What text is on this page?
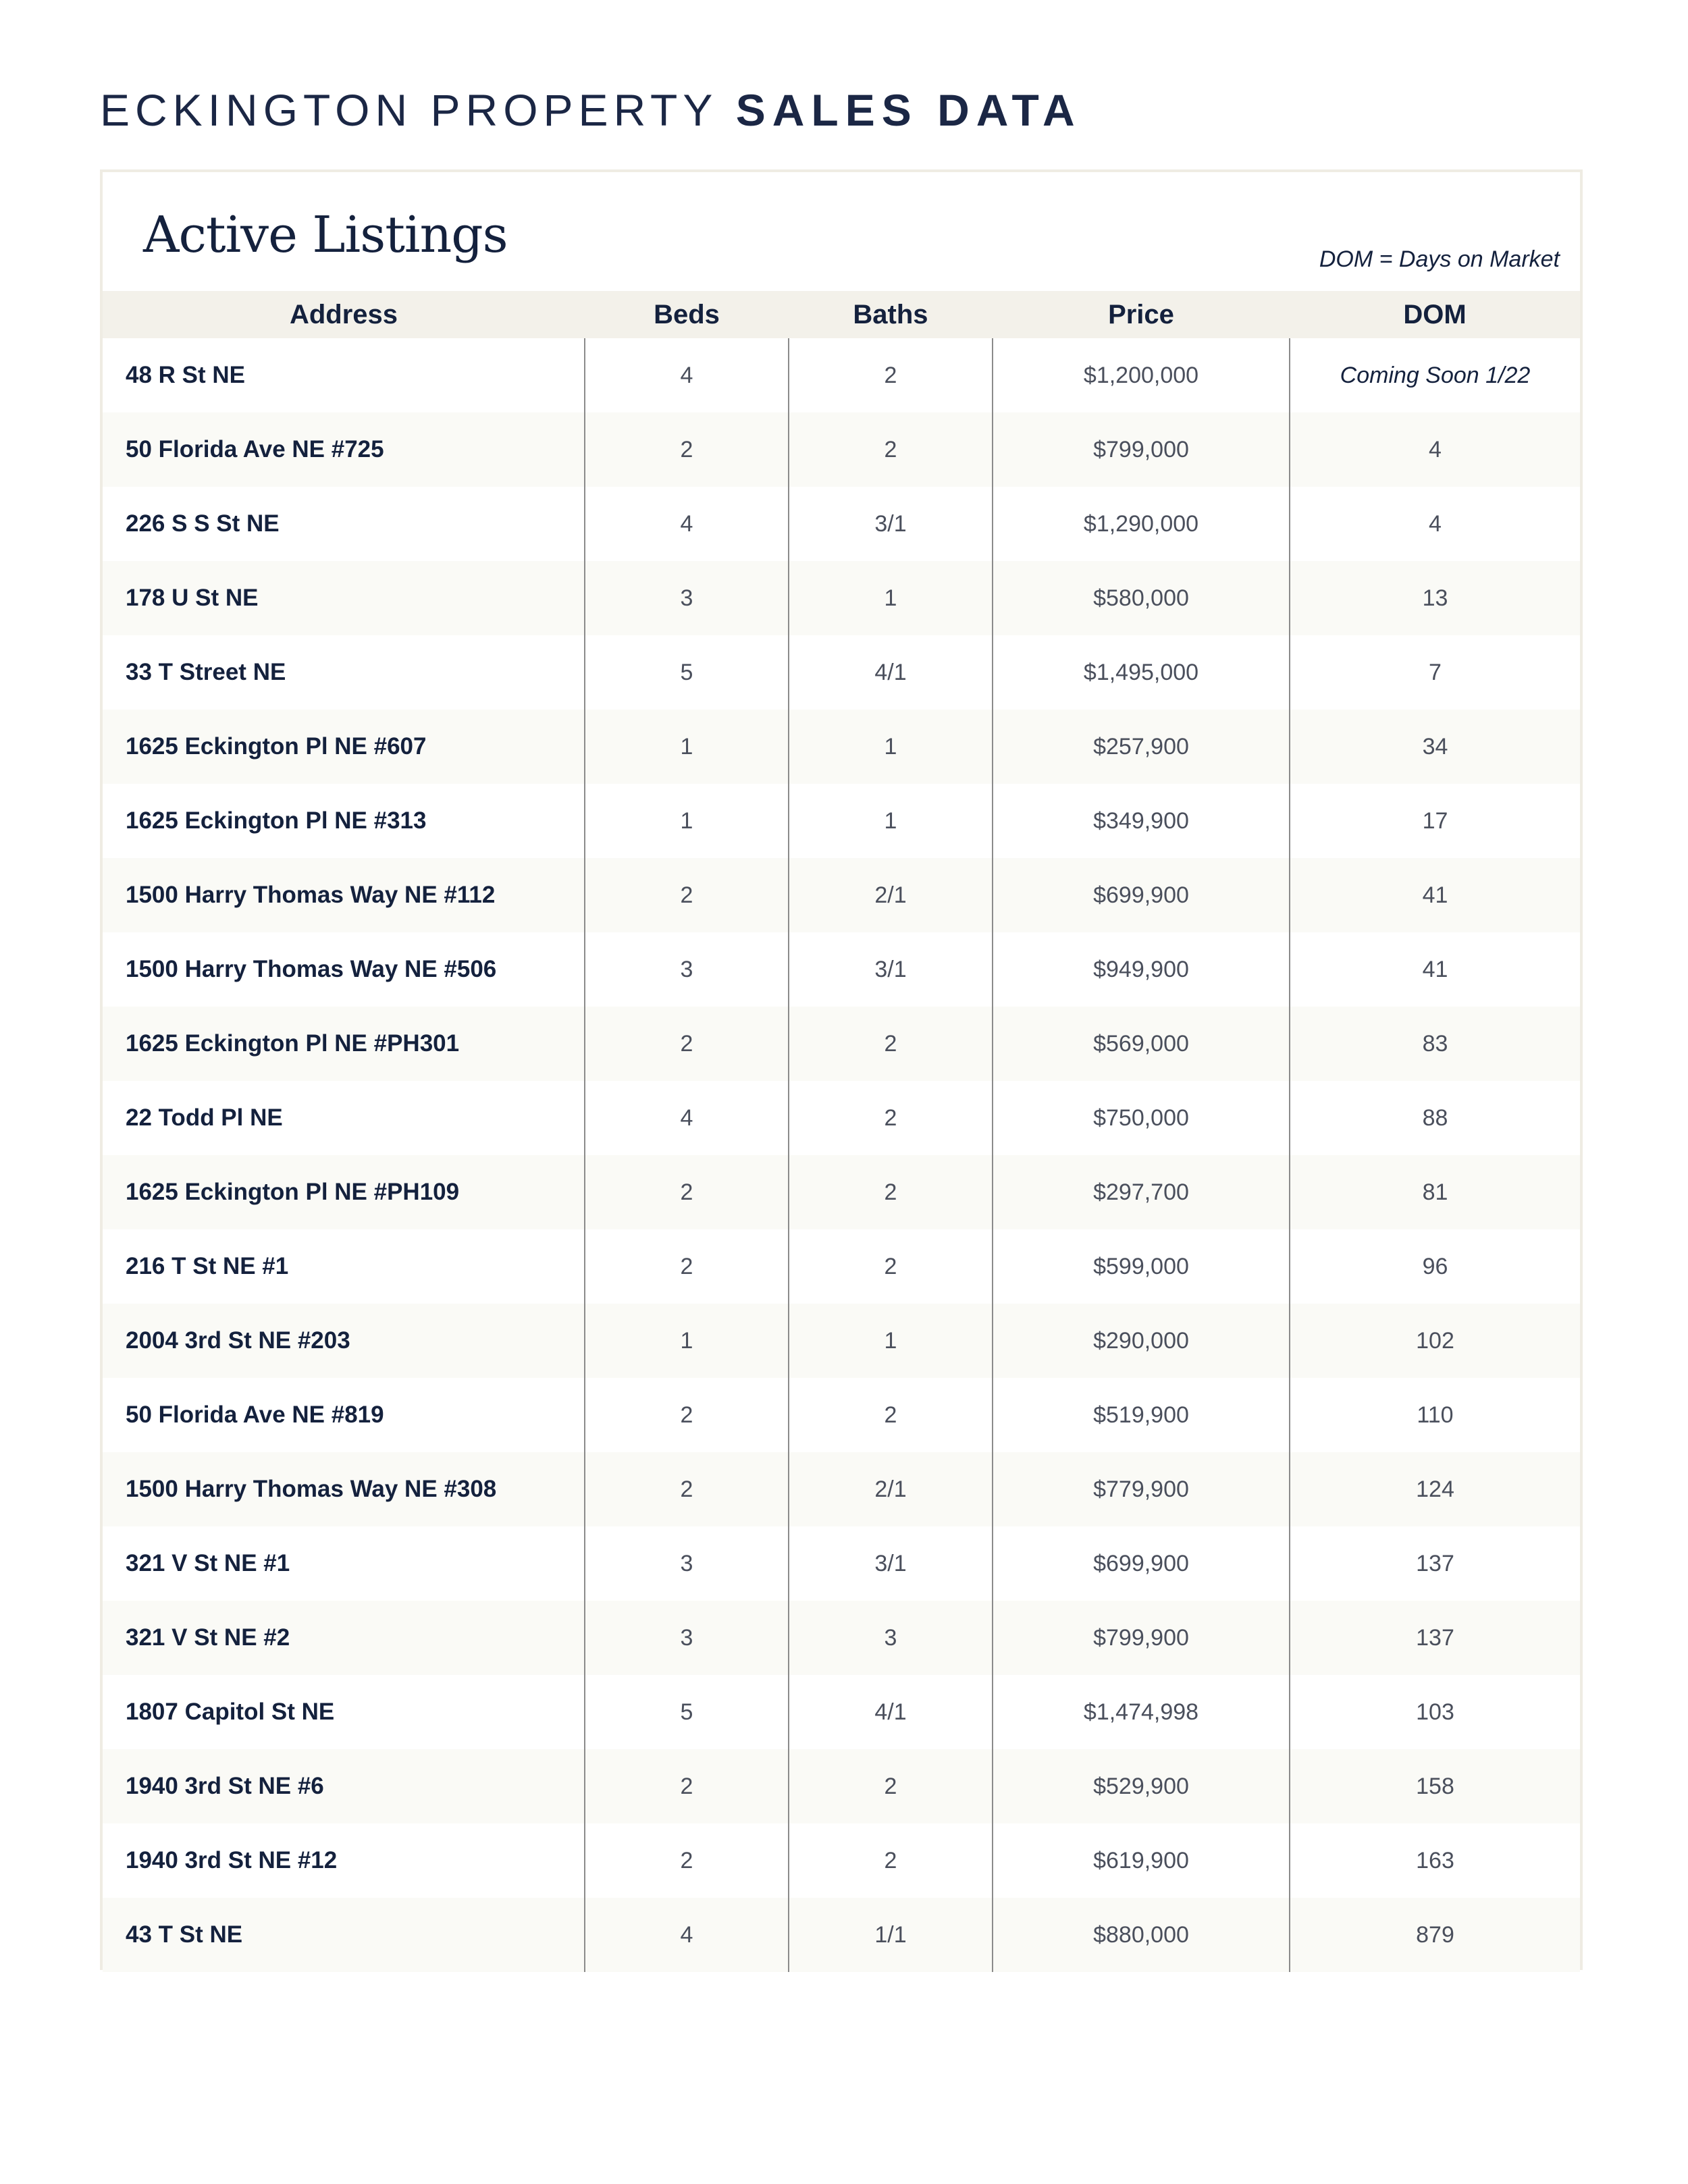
ECKINGTON PROPERTY SALES DATA
Active Listings	DOM = Days on Market
Address	Beds	Baths	Price	DOM
48 R St NE	4	2	$1,200,000	Coming Soon 1/22
50 Florida Ave NE #725	2	2	$799,000	4
226 S S St NE	4	3/1	$1,290,000	4
178 U St NE	3	1	$580,000	13
33 T Street NE	5	4/1	$1,495,000	7
1625 Eckington Pl NE #607	1	1	$257,900	34
1625 Eckington Pl NE #313	1	1	$349,900	17
1500 Harry Thomas Way NE #112	2	2/1	$699,900	41
1500 Harry Thomas Way NE #506	3	3/1	$949,900	41
1625 Eckington Pl NE #PH301	2	2	$569,000	83
22 Todd Pl NE	4	2	$750,000	88
1625 Eckington Pl NE #PH109	2	2	$297,700	81
216 T St NE #1	2	2	$599,000	96
2004 3rd St NE #203	1	1	$290,000	102
50 Florida Ave NE #819	2	2	$519,900	110
1500 Harry Thomas Way NE #308	2	2/1	$779,900	124
321 V St NE #1	3	3/1	$699,900	137
321 V St NE #2	3	3	$799,900	137
1807 Capitol St NE	5	4/1	$1,474,998	103
1940 3rd St NE #6	2	2	$529,900	158
1940 3rd St NE #12	2	2	$619,900	163
43 T St NE	4	1/1	$880,000	879
